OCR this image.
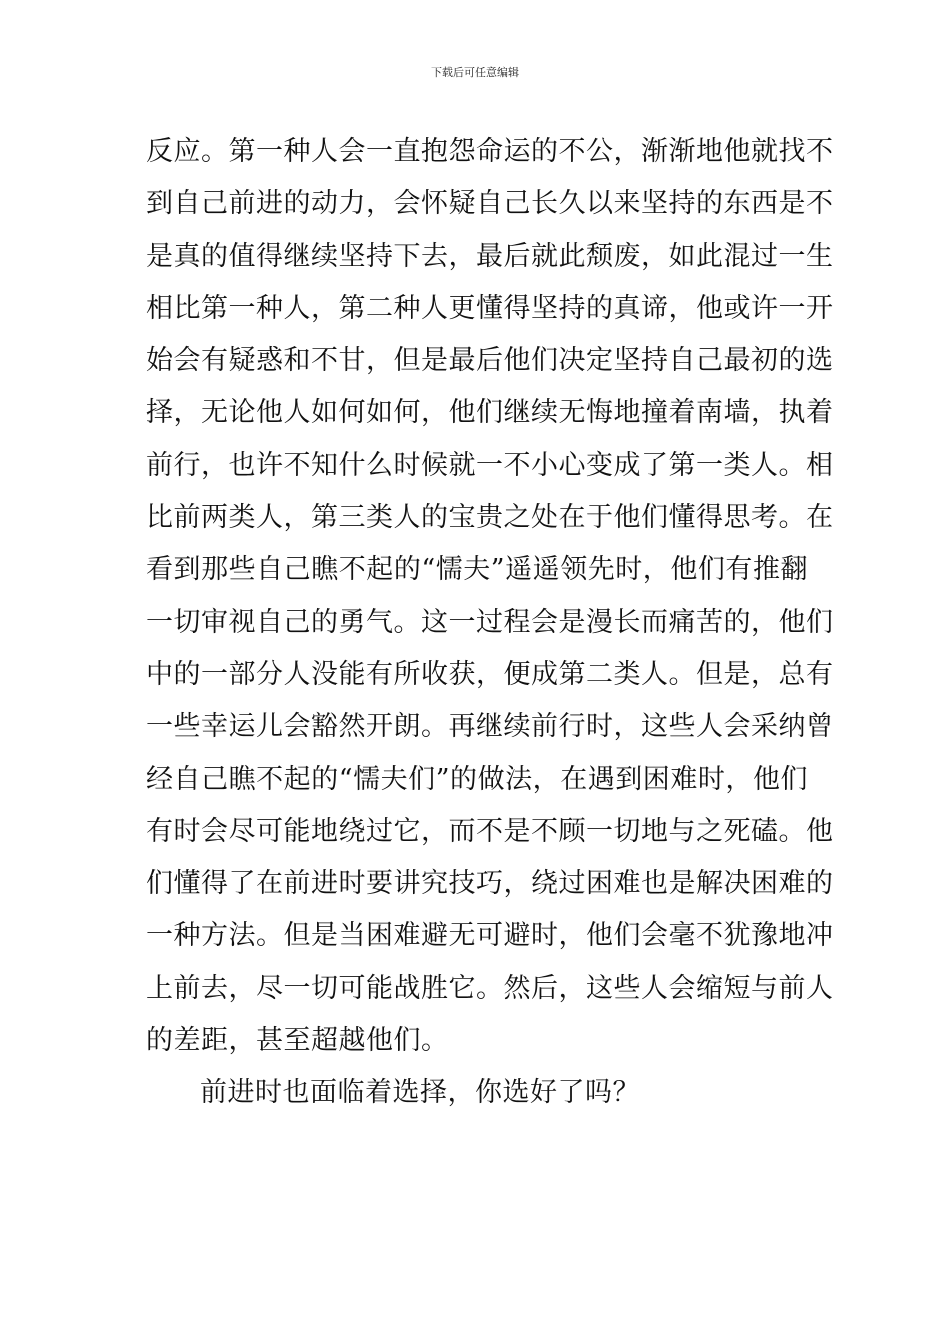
下载后可任意编辑
反应。第一种人会一直抱怨命运的不公，渐渐地他就找不
到自己前进的动力，会怀疑自己长久以来坚持的东西是不
是真的值得继续坚持下去，最后就此颓废，如此混过一生
相比第一种人，第二种人更懂得坚持的真谛，他或许一开
始会有疑惑和不甘，但是最后他们决定坚持自己最初的选
择，无论他人如何如何，他们继续无悔地撞着南墙，执着
前行，也许不知什么时候就一不小心变成了第一类人。相
比前两类人，第三类人的宝贵之处在于他们懂得思考。在
看到那些自己瞧不起的“懦夫”遥遥领先时，他们有推翻
一切审视自己的勇气。这一过程会是漫长而痛苦的，他们
中的一部分人没能有所收获，便成第二类人。但是，总有
一些幸运儿会豁然开朗。再继续前行时，这些人会采纳曾
经自己瞧不起的“懦夫们”的做法，在遇到困难时，他们
有时会尽可能地绕过它，而不是不顾一切地与之死磕。他
们懂得了在前进时要讲究技巧，绕过困难也是解决困难的
一种方法。但是当困难避无可避时，他们会毫不犹豫地冲
上前去，尽一切可能战胜它。然后，这些人会缩短与前人
的差距，甚至超越他们。
前进时也面临着选择，你选好了吗？
